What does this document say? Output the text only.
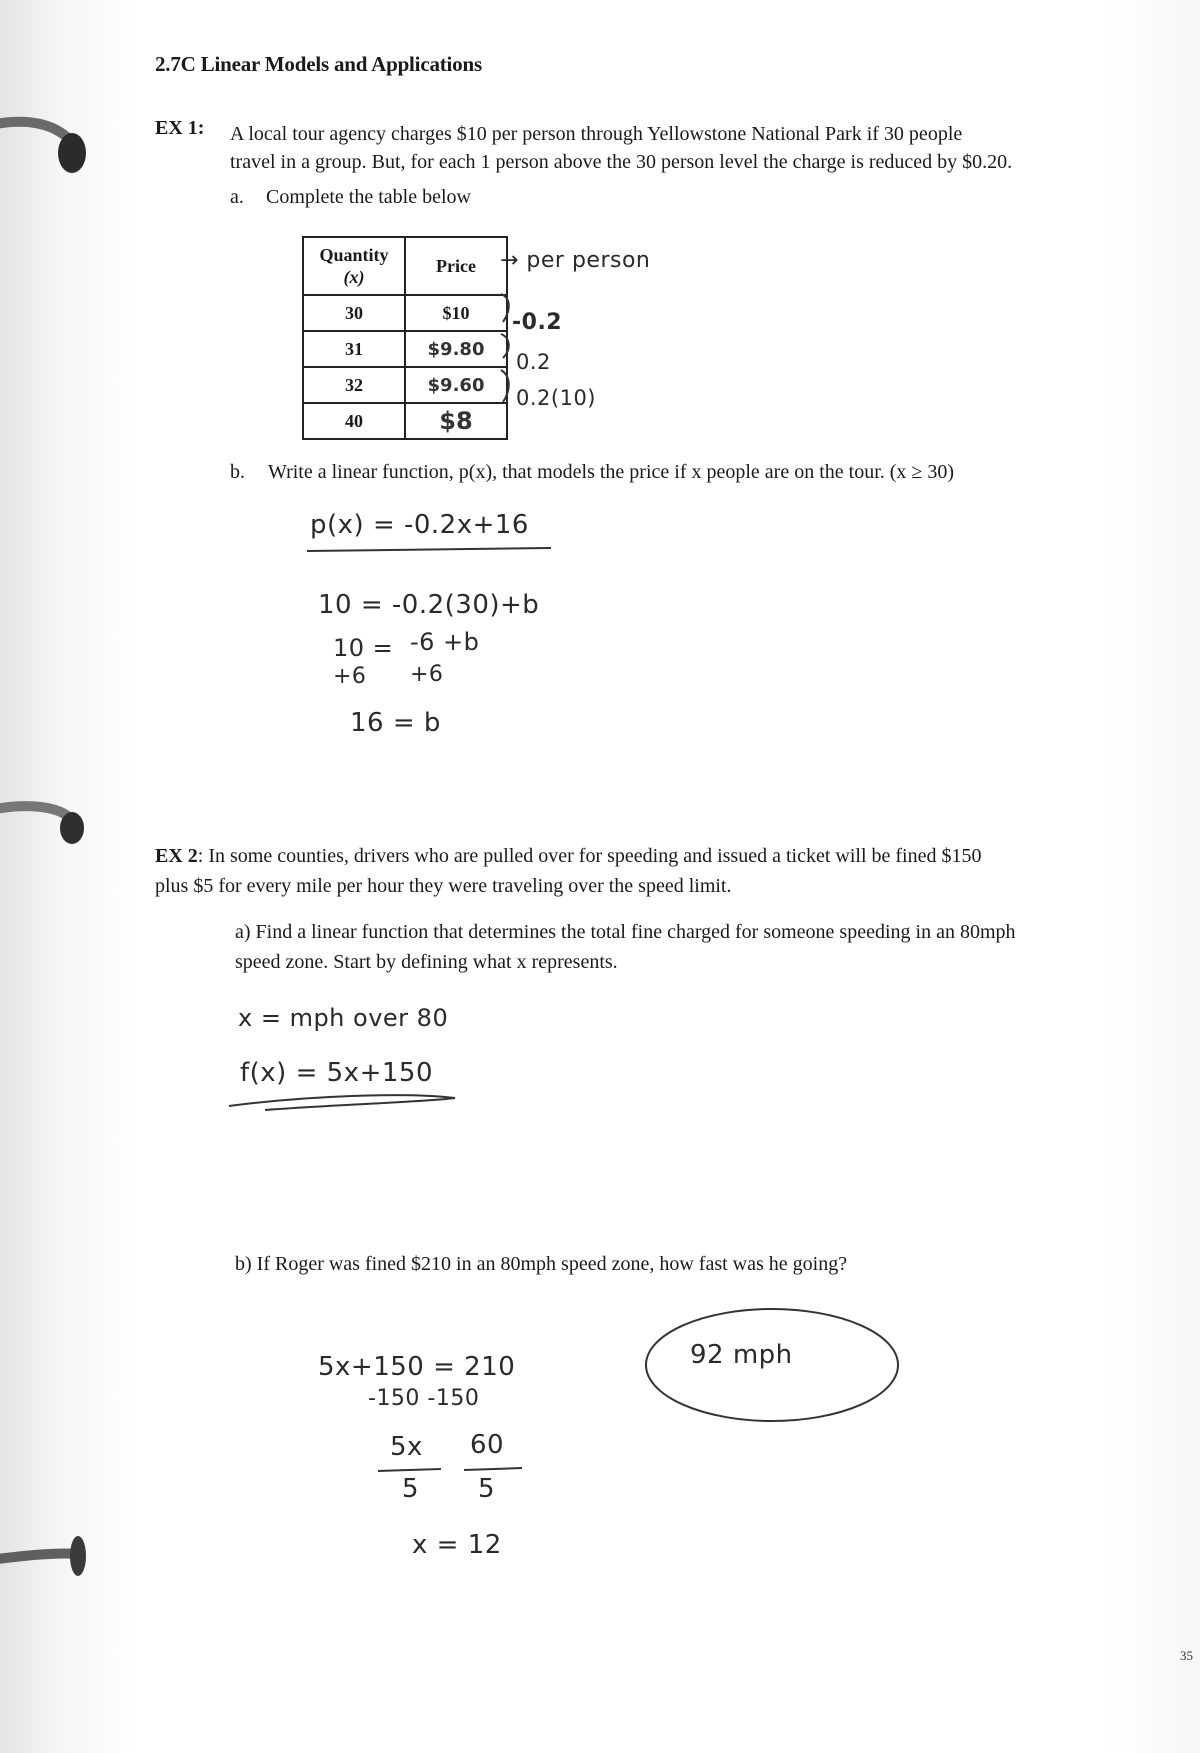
2.7C Linear Models and Applications
EX 1: A local tour agency charges $10 per person through Yellowstone National Park if 30 people
travel in a group. But, for each 1 person above the 30 person level the charge is reduced by $0.20.
a. Complete the table below
Quantity
(x)	Price
30	$10
31	$9.80
32	$9.60
40	$8
→ per person
-0.2
0.2
0.2(10)
b. Write a linear function, p(x), that models the price if x people are on the tour. (x ≥ 30)
p(x) = -0.2x+16
10 = -0.2(30)+b
10 = -6 +b
+6 +6
16 = b
EX 2: In some counties, drivers who are pulled over for speeding and issued a ticket will be fined $150
plus $5 for every mile per hour they were traveling over the speed limit.
a) Find a linear function that determines the total fine charged for someone speeding in an 80mph
speed zone. Start by defining what x represents.
x = mph over 80
f(x) = 5x+150
b) If Roger was fined $210 in an 80mph speed zone, how fast was he going?
5x+150 = 210
-150 -150
5x 60
5 5
x = 12
92 mph
35
